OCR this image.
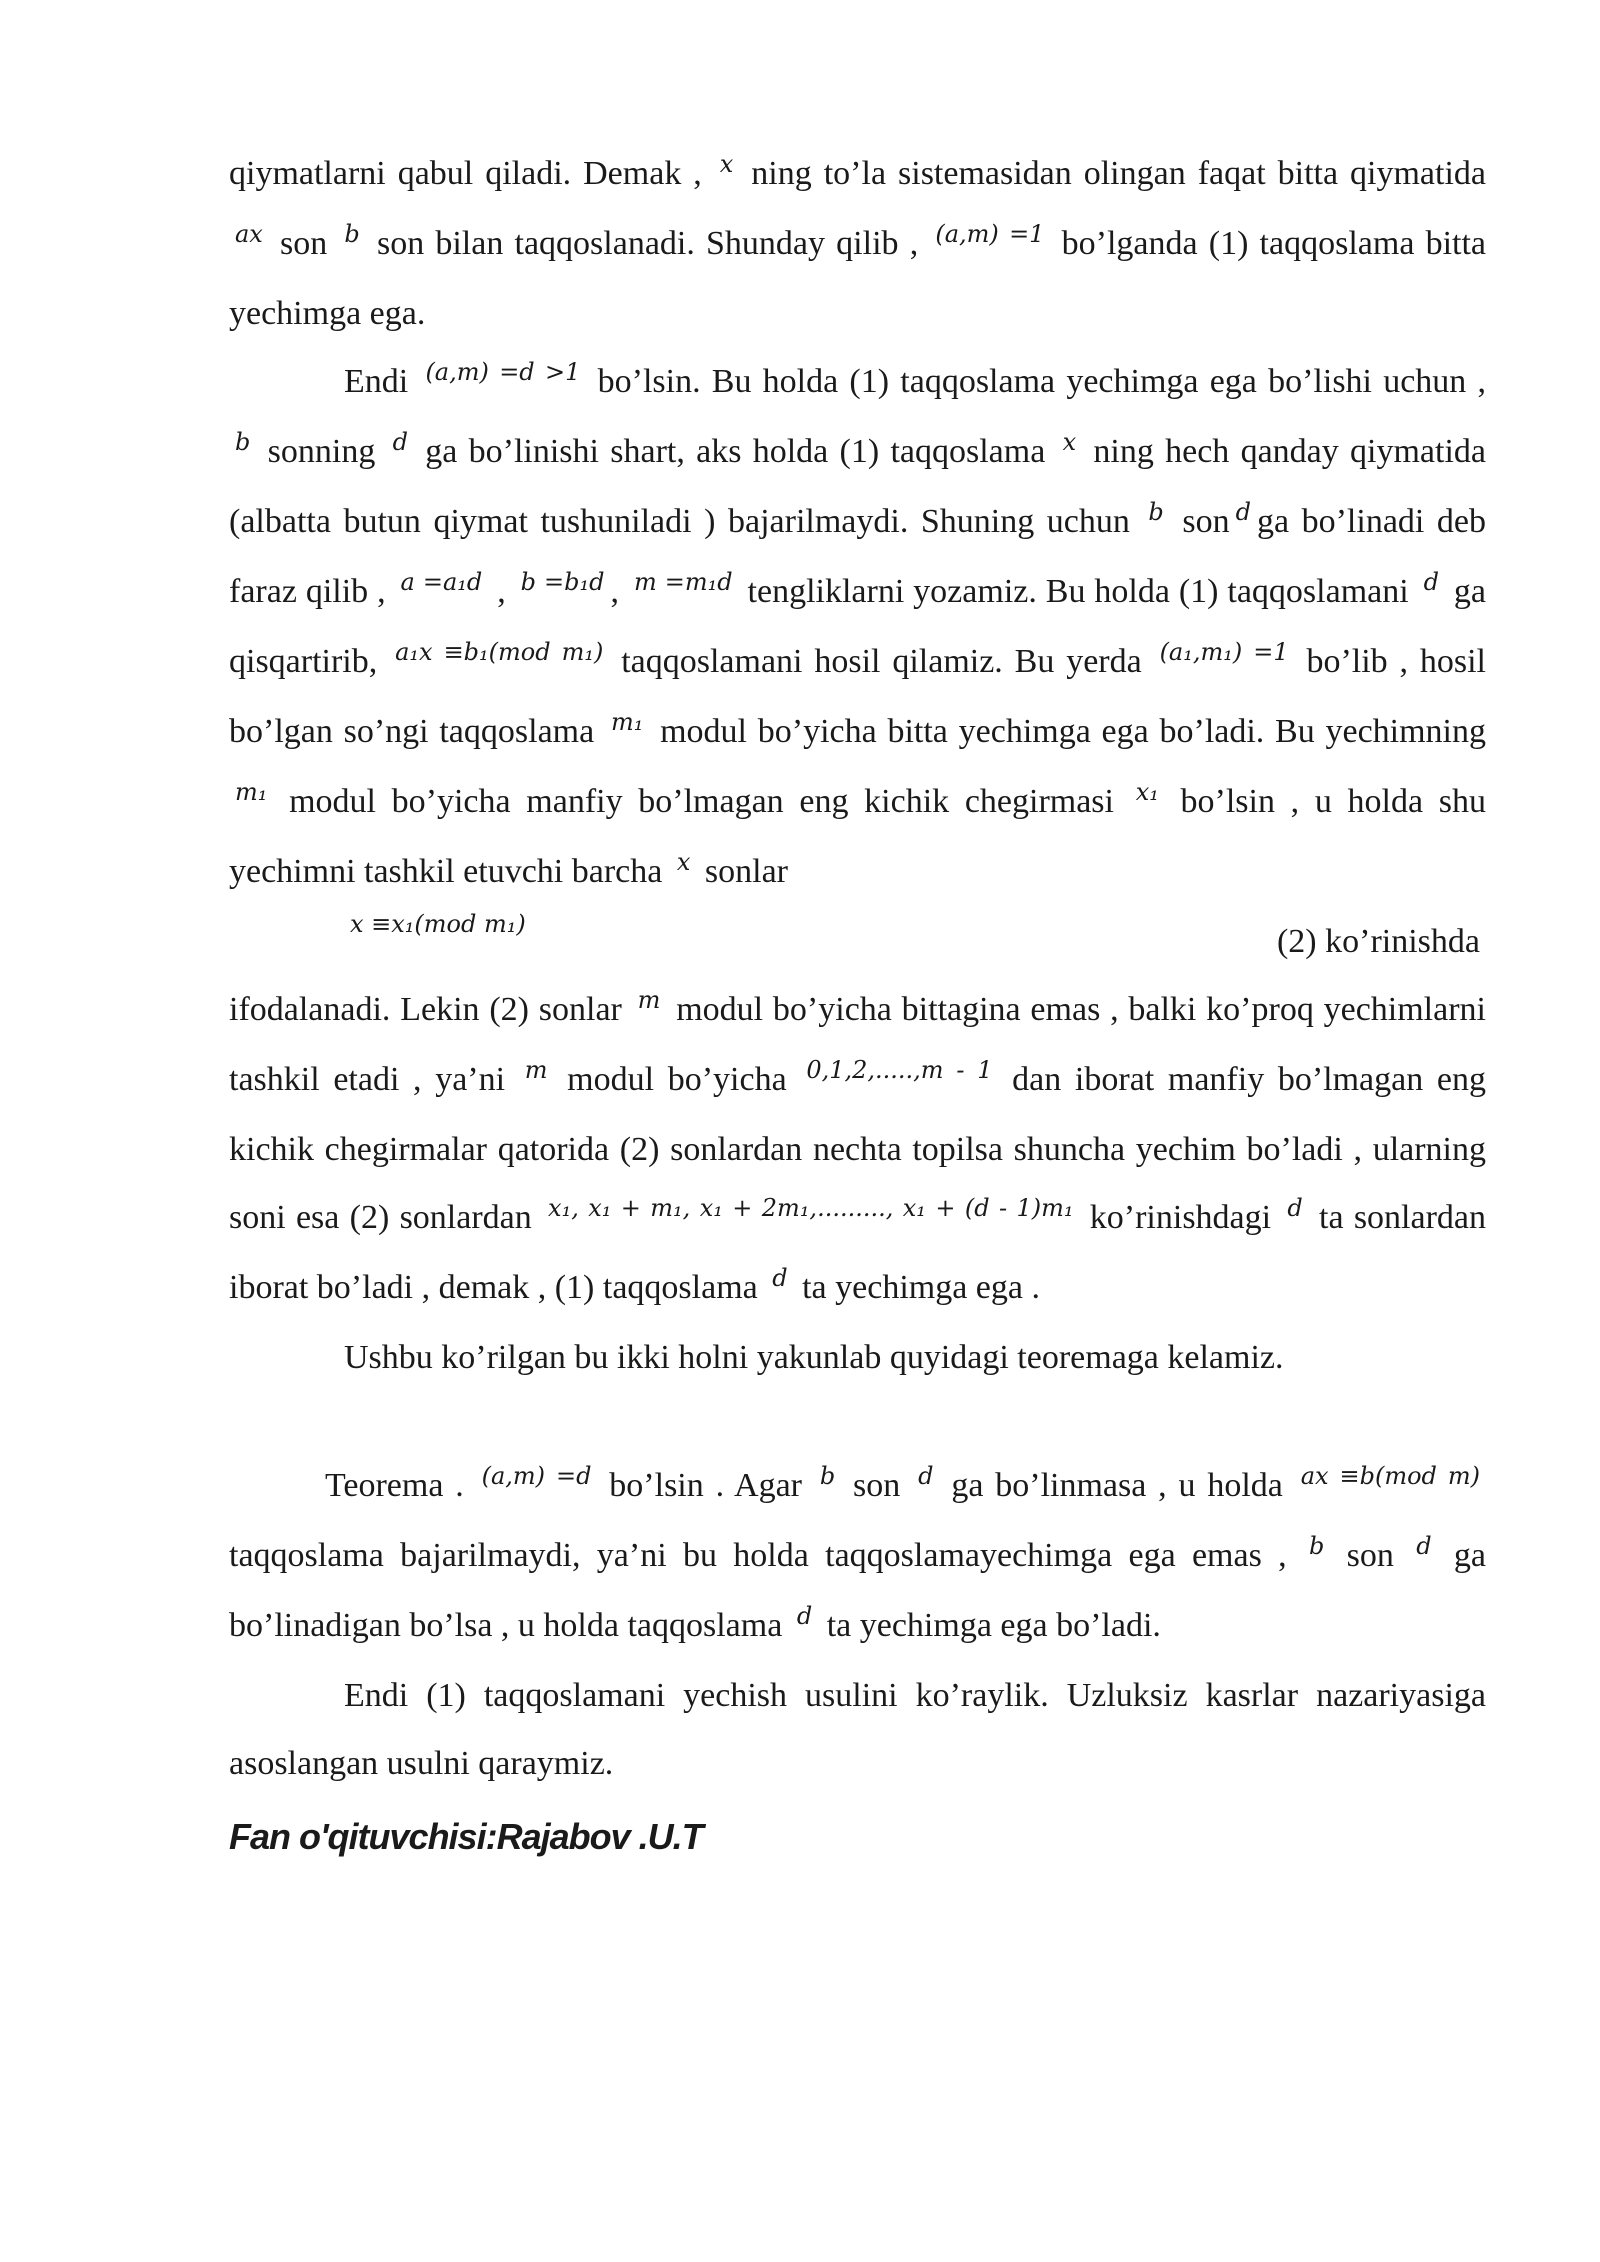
qiymatlarni qabul qiladi. Demak , $^x$ ning to’la sistemasidan olingan faqat bitta qiymatida $^{ax}$ son $^b$ son bilan taqqoslanadi. Shunday qilib , $^{(a,m) =1}$ bo’lganda (1) taqqoslama bitta yechimga ega.

Endi $^{(a,m) =d >1}$ bo’lsin. Bu holda (1) taqqoslama yechimga ega bo’lishi uchun , $^b$ sonning $^d$ ga bo’linishi shart, aks holda (1) taqqoslama $^x$ ning hech qanday qiymatida (albatta butun qiymat tushuniladi ) bajarilmaydi. Shuning uchun $^b$ son $^d$ ga bo’linadi deb faraz qilib , $^{a =a_1d}$ , $^{b =b_1d}$ , $^{m =m_1d}$ tengliklarni yozamiz. Bu holda (1) taqqoslamani $^d$ ga qisqartirib, $^{a_1x \equiv b_1(mod m_1)}$ taqqoslamani hosil qilamiz. Bu yerda $^{(a_1,m_1) =1}$ bo’lib , hosil bo’lgan so’ngi taqqoslama $^{m_1}$ modul bo’yicha bitta yechimga ega bo’ladi. Bu yechimning $^{m_1}$ modul bo’yicha manfiy bo’lmagan eng kichik chegirmasi $^{x_1}$ bo’lsin , u holda shu yechimni tashkil etuvchi barcha $^x$ sonlar

x ≡x₁(mod m₁)	(2) ko’rinishda

ifodalanadi. Lekin (2) sonlar $^m$ modul bo’yicha bittagina emas , balki ko’proq yechimlarni tashkil etadi , ya’ni $^m$ modul bo’yicha $^{0,1,2,.....,m - 1}$ dan iborat manfiy bo’lmagan eng kichik chegirmalar qatorida (2) sonlardan nechta topilsa shuncha yechim bo’ladi , ularning soni esa (2) sonlardan $^{x_1, x_1 + m_1, x_1 + 2m_1,........., x_1 + (d - 1)m_1}$ ko’rinishdagi $^d$ ta sonlardan iborat bo’ladi , demak , (1) taqqoslama $^d$ ta yechimga ega .

Ushbu ko’rilgan bu ikki holni yakunlab quyidagi teoremaga kelamiz.

Teorema . $^{(a,m) =d}$ bo’lsin . Agar $^b$ son $^d$ ga bo’linmasa , u holda $^{ax \equiv b(mod m)}$ taqqoslama bajarilmaydi, ya’ni bu holda taqqoslamayechimga ega emas , $^b$ son $^d$ ga bo’linadigan bo’lsa , u holda taqqoslama $^d$ ta yechimga ega bo’ladi.

Endi (1) taqqoslamani yechish usulini ko’raylik. Uzluksiz kasrlar nazariyasiga asoslangan usulni qaraymiz.

Fan o'qituvchisi:Rajabov .U.T
